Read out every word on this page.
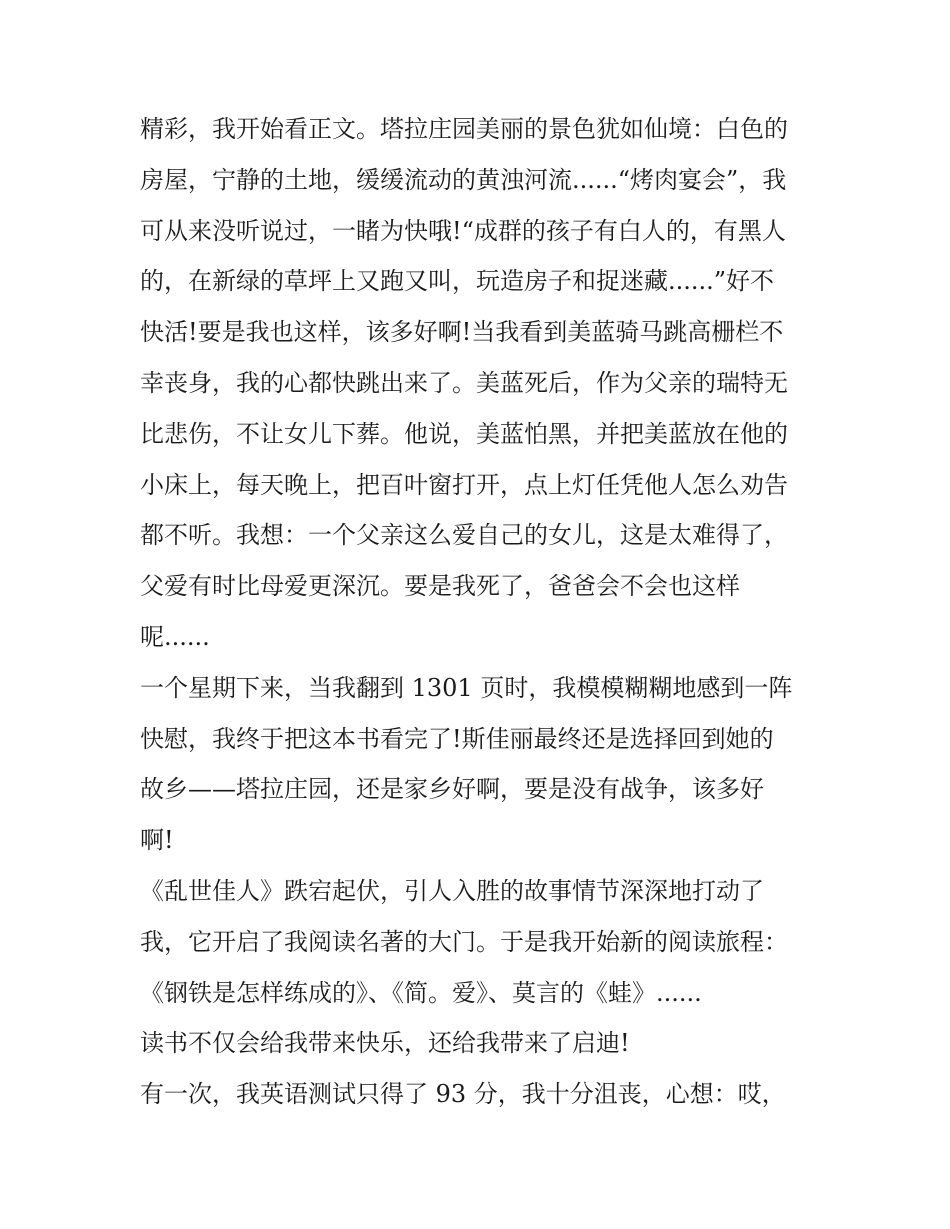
精彩，我开始看正文。塔拉庄园美丽的景色犹如仙境：白色的
房屋，宁静的土地，缓缓流动的黄浊河流......“烤肉宴会”，我
可从来没听说过，一睹为快哦!“成群的孩子有白人的，有黑人
的，在新绿的草坪上又跑又叫，玩造房子和捉迷藏......”好不
快活!要是我也这样，该多好啊!当我看到美蓝骑马跳高栅栏不
幸丧身，我的心都快跳出来了。美蓝死后，作为父亲的瑞特无
比悲伤，不让女儿下葬。他说，美蓝怕黑，并把美蓝放在他的
小床上，每天晚上，把百叶窗打开，点上灯任凭他人怎么劝告
都不听。我想：一个父亲这么爱自己的女儿，这是太难得了，
父爱有时比母爱更深沉。要是我死了，爸爸会不会也这样
呢......
一个星期下来，当我翻到 1301 页时，我模模糊糊地感到一阵
快慰，我终于把这本书看完了!斯佳丽最终还是选择回到她的
故乡——塔拉庄园，还是家乡好啊，要是没有战争，该多好
啊!
《乱世佳人》跌宕起伏，引人入胜的故事情节深深地打动了
我，它开启了我阅读名著的大门。于是我开始新的阅读旅程：
《钢铁是怎样练成的》、《简。爱》、莫言的《蛙》......
读书不仅会给我带来快乐，还给我带来了启迪!
有一次，我英语测试只得了 93 分，我十分沮丧，心想：哎，
